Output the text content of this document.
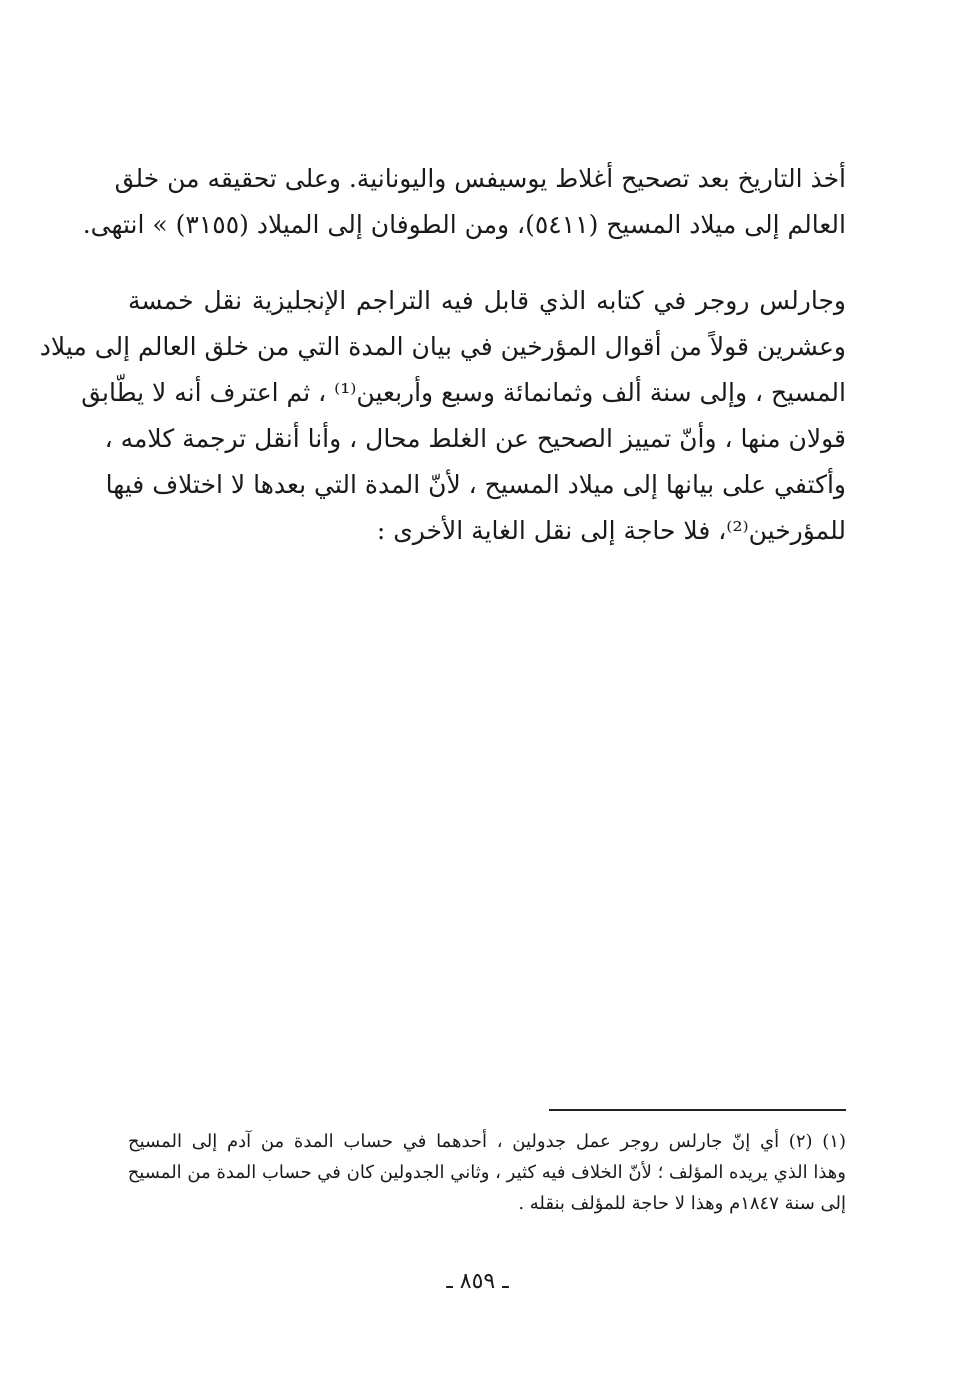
أخذ التاريخ بعد تصحيح أغلاط يوسيفس واليونانية. وعلى تحقيقه من خلق
العالم إلى ميلاد المسيح (٥٤١١)، ومن الطوفان إلى الميلاد (٣١٥٥) » انتهى.
وجارلس روجر في كتابه الذي قابل فيه التراجم الإنجليزية نقل خمسة
وعشرين قولاً من أقوال المؤرخين في بيان المدة التي من خلق العالم إلى ميلاد
المسيح ، وإلى سنة ألف وثمانمائة وسبع وأربعين⁽¹⁾ ، ثم اعترف أنه لا يطّابق
قولان منها ، وأنّ تمييز الصحيح عن الغلط محال ، وأنا أنقل ترجمة كلامه ،
وأكتفي على بيانها إلى ميلاد المسيح ، لأنّ المدة التي بعدها لا اختلاف فيها
للمؤرخين⁽²⁾، فلا حاجة إلى نقل الغاية الأخرى :
(١) (٢) أي إنّ جارلس روجر عمل جدولين ، أحدهما في حساب المدة من آدم إلى المسيح
وهذا الذي يريده المؤلف ؛ لأنّ الخلاف فيه كثير ، وثاني الجدولين كان في حساب المدة من المسيح
إلى سنة ١٨٤٧م وهذا لا حاجة للمؤلف بنقله .
ـ ٨٥٩ ـ
